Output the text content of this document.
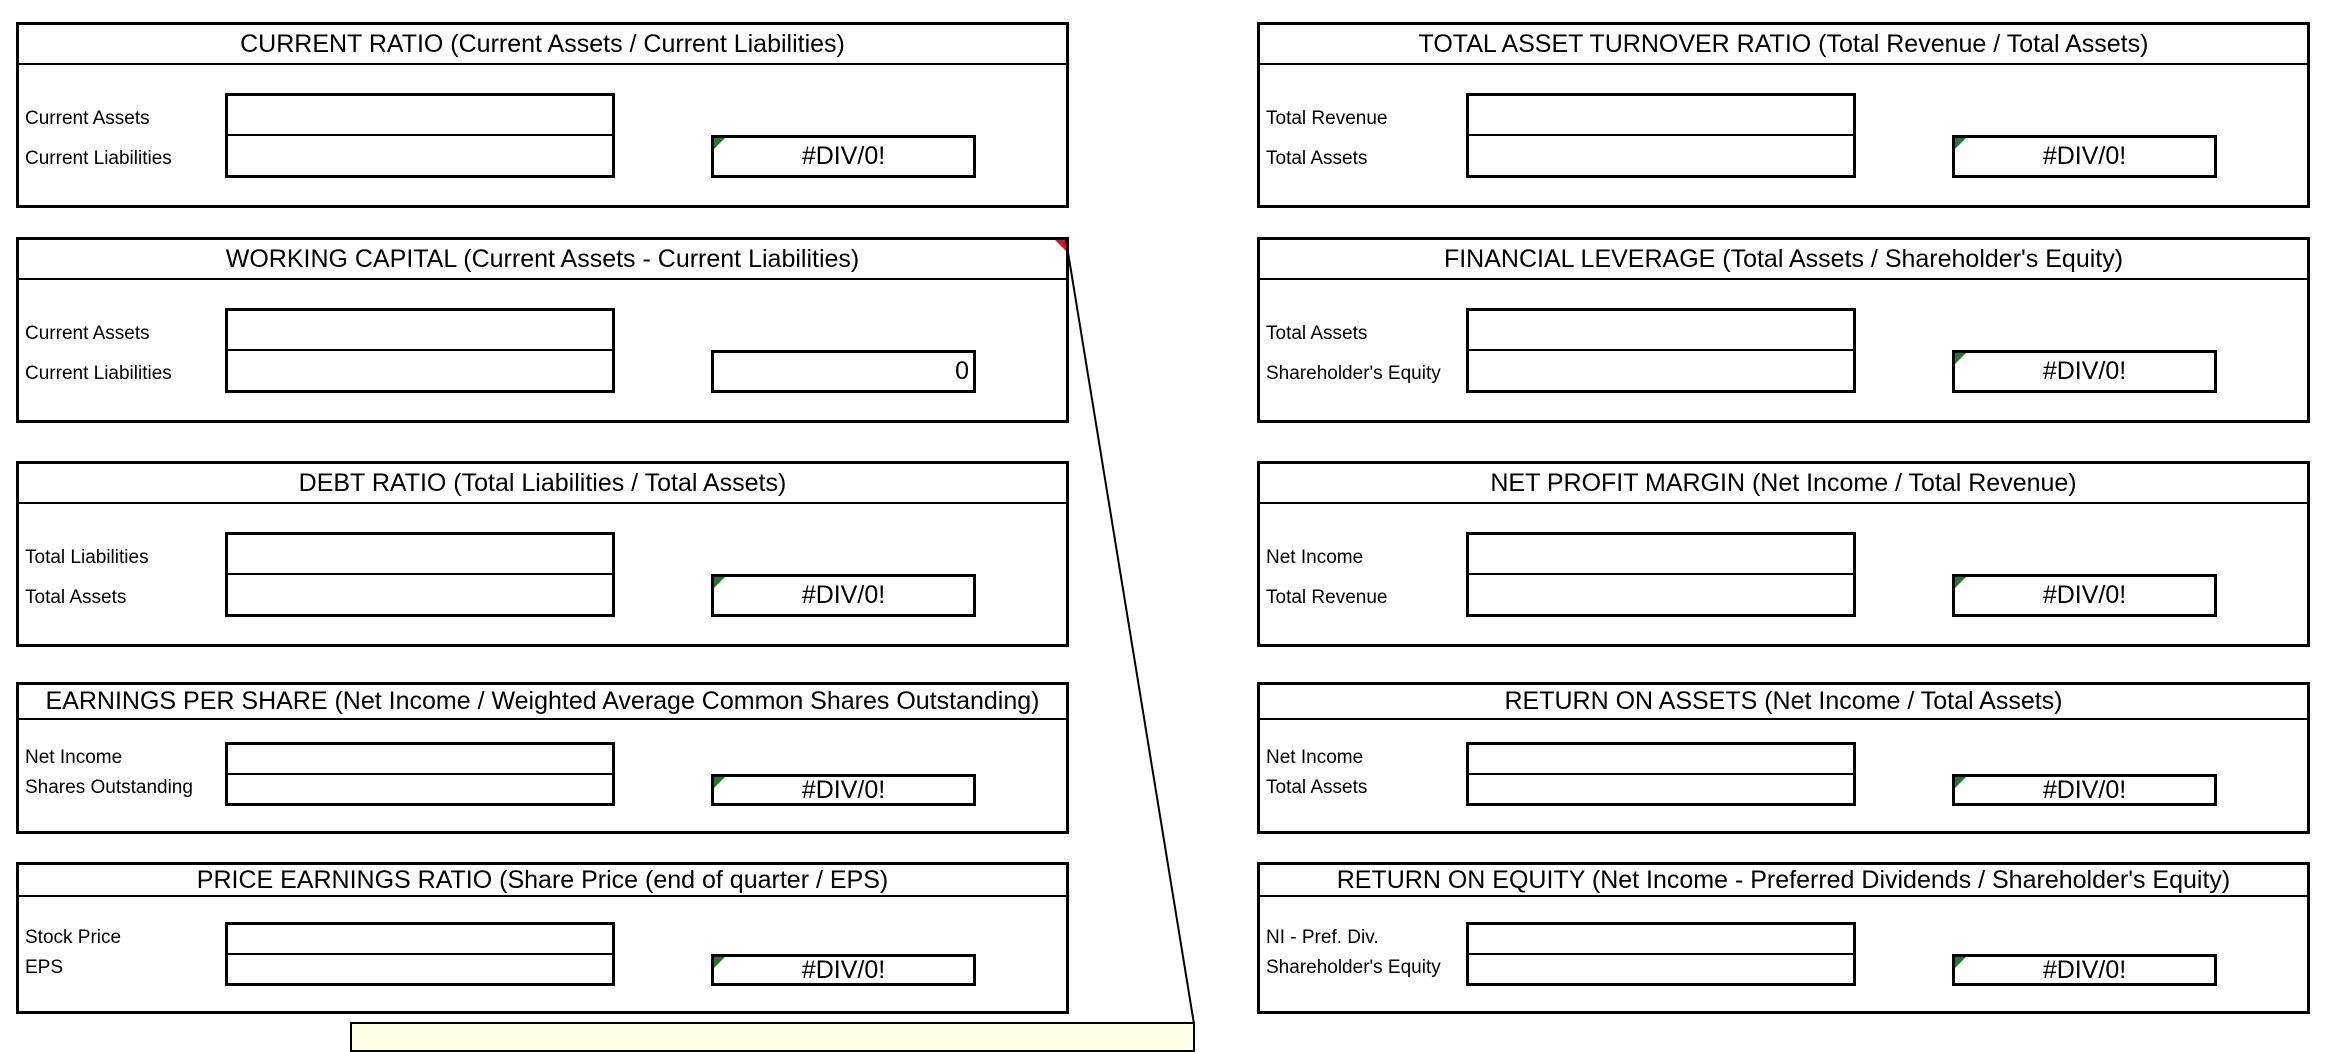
CURRENT RATIO (Current Assets / Current Liabilities)
Current Assets
Current Liabilities	#DIV/0!
WORKING CAPITAL (Current Assets - Current Liabilities)
Current Assets
Current Liabilities	0
DEBT RATIO (Total Liabilities / Total Assets)
Total Liabilities
Total Assets	#DIV/0!
EARNINGS PER SHARE (Net Income / Weighted Average Common Shares Outstanding)
Net Income
Shares Outstanding	#DIV/0!
PRICE EARNINGS RATIO (Share Price (end of quarter / EPS)
Stock Price
EPS	#DIV/0!
TOTAL ASSET TURNOVER RATIO (Total Revenue / Total Assets)
Total Revenue
Total Assets	#DIV/0!
FINANCIAL LEVERAGE (Total Assets / Shareholder's Equity)
Total Assets
Shareholder's Equity	#DIV/0!
NET PROFIT MARGIN (Net Income / Total Revenue)
Net Income
Total Revenue	#DIV/0!
RETURN ON ASSETS (Net Income / Total Assets)
Net Income
Total Assets	#DIV/0!
RETURN ON EQUITY (Net Income - Preferred Dividends / Shareholder's Equity)
NI - Pref. Div.
Shareholder's Equity	#DIV/0!
